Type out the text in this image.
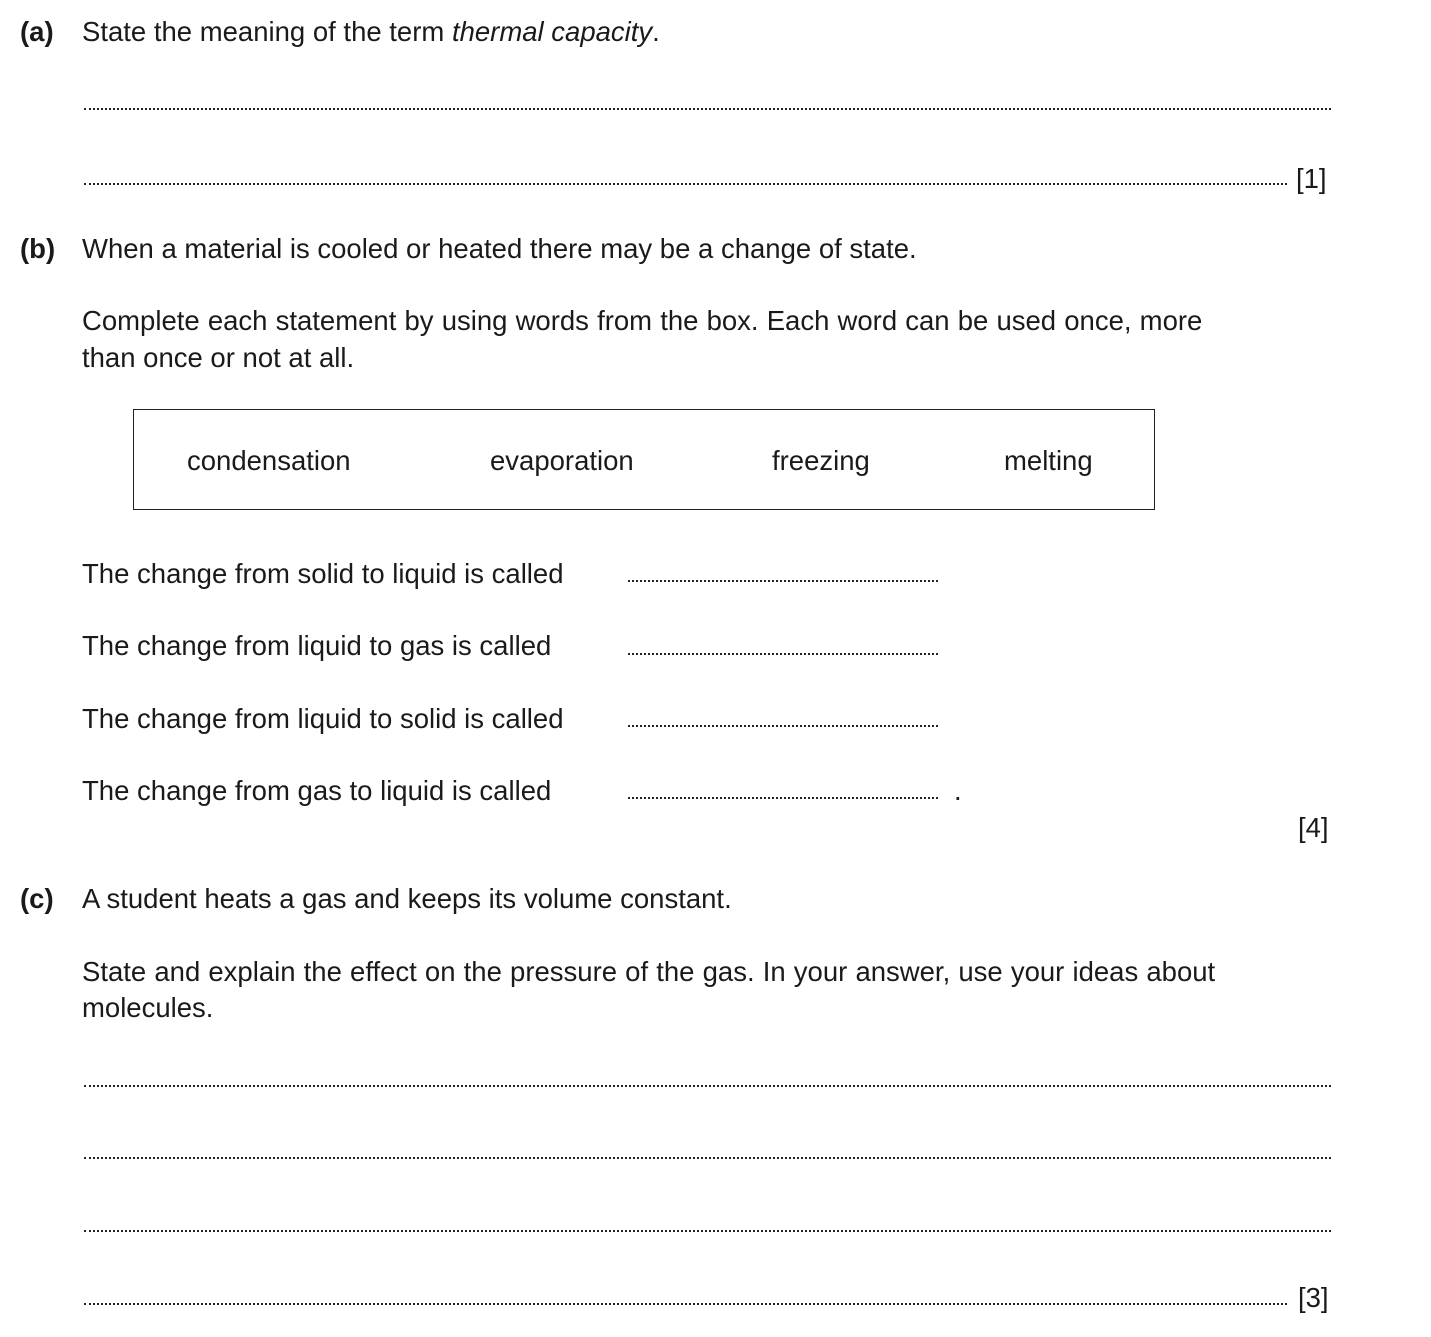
(a) State the meaning of the term thermal capacity.
[1]
(b) When a material is cooled or heated there may be a change of state.
Complete each statement by using words from the box. Each word can be used once, more
than once or not at all.
condensation	evaporation	freezing	melting
The change from solid to liquid is called
The change from liquid to gas is called
The change from liquid to solid is called
The change from gas to liquid is called	.
[4]
(c) A student heats a gas and keeps its volume constant.
State and explain the effect on the pressure of the gas. In your answer, use your ideas about
molecules.
[3]
